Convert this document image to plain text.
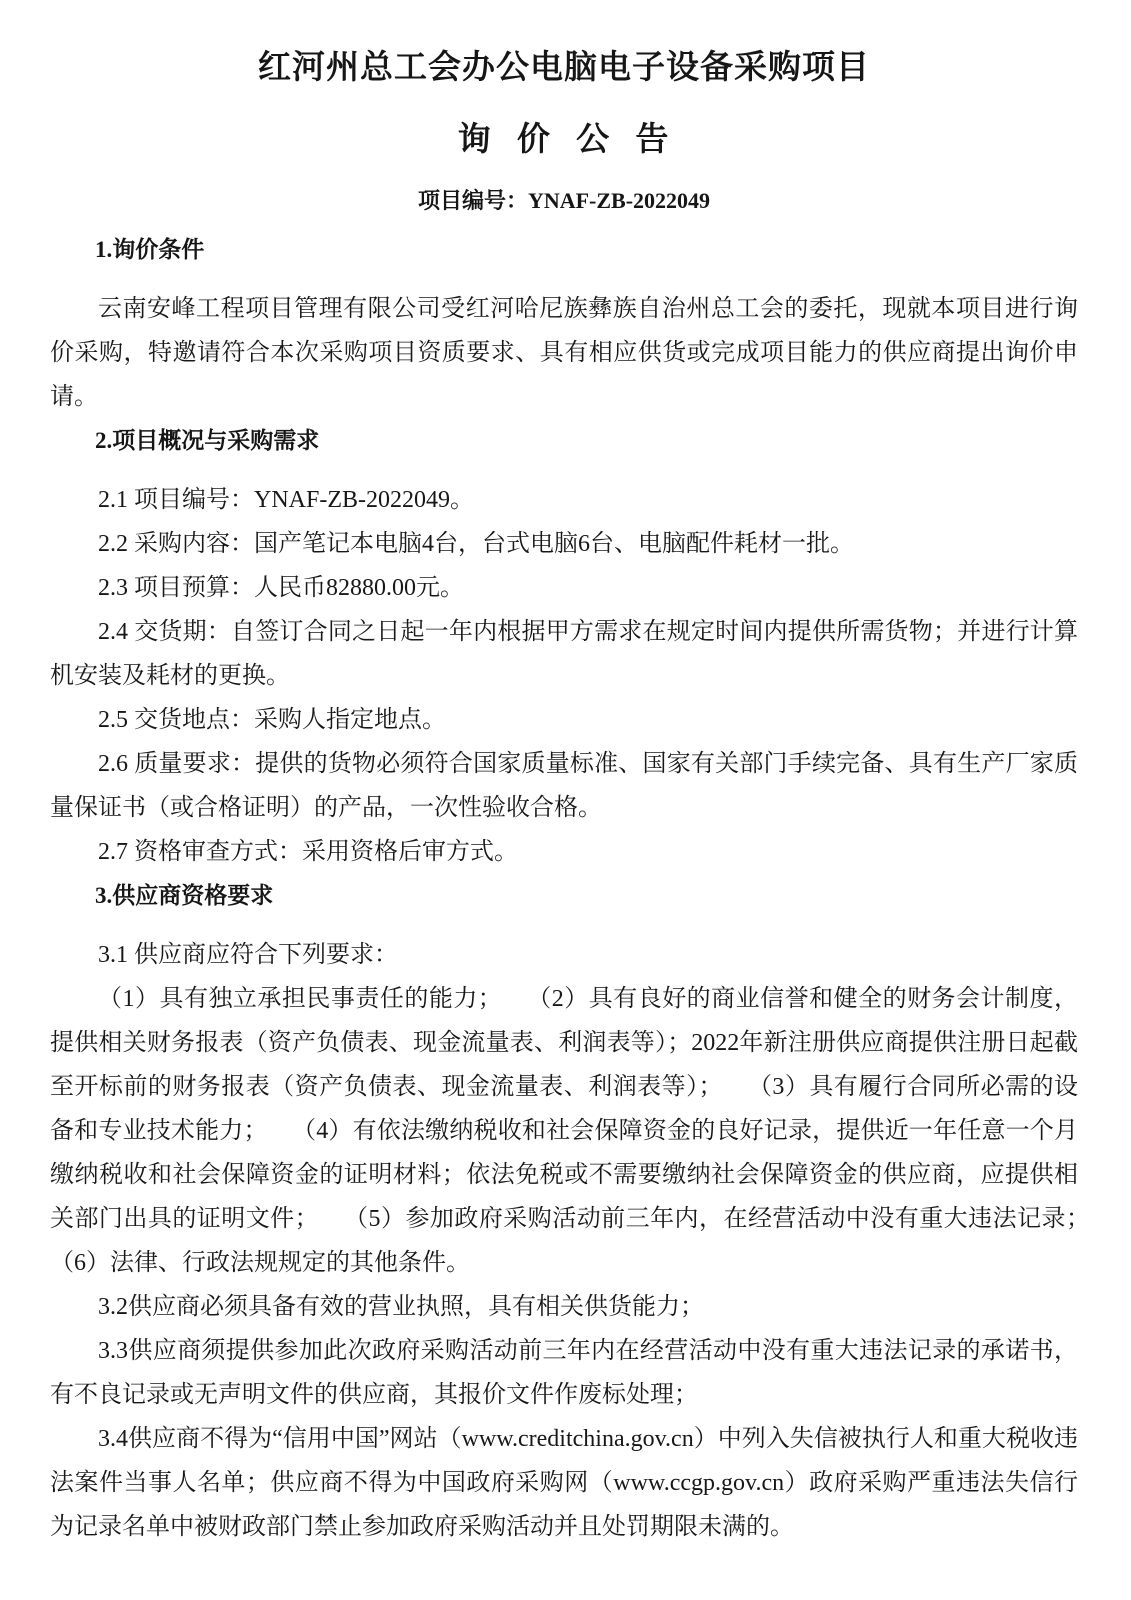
红河州总工会办公电脑电子设备采购项目
询 价 公 告

项目编号：YNAF-ZB-2022049

1.询价条件

云南安峰工程项目管理有限公司受红河哈尼族彝族自治州总工会的委托，现就本项目进行询价采购，特邀请符合本次采购项目资质要求、具有相应供货或完成项目能力的供应商提出询价申请。

2.项目概况与采购需求

2.1 项目编号：YNAF-ZB-2022049。

2.2 采购内容：国产笔记本电脑4台，台式电脑6台、电脑配件耗材一批。

2.3 项目预算：人民币82880.00元。

2.4 交货期：自签订合同之日起一年内根据甲方需求在规定时间内提供所需货物；并进行计算机安装及耗材的更换。

2.5 交货地点：采购人指定地点。

2.6 质量要求：提供的货物必须符合国家质量标准、国家有关部门手续完备、具有生产厂家质量保证书（或合格证明）的产品，一次性验收合格。

2.7 资格审查方式：采用资格后审方式。

3.供应商资格要求

3.1 供应商应符合下列要求：

（1）具有独立承担民事责任的能力；　　（2）具有良好的商业信誉和健全的财务会计制度，提供相关财务报表（资产负债表、现金流量表、利润表等）；2022年新注册供应商提供注册日起截至开标前的财务报表（资产负债表、现金流量表、利润表等）；　　（3）具有履行合同所必需的设备和专业技术能力；　　（4）有依法缴纳税收和社会保障资金的良好记录，提供近一年任意一个月缴纳税收和社会保障资金的证明材料；依法免税或不需要缴纳社会保障资金的供应商，应提供相关部门出具的证明文件；　　（5）参加政府采购活动前三年内，在经营活动中没有重大违法记录；　　（6）法律、行政法规规定的其他条件。

3.2供应商必须具备有效的营业执照，具有相关供货能力；

3.3供应商须提供参加此次政府采购活动前三年内在经营活动中没有重大违法记录的承诺书，有不良记录或无声明文件的供应商，其报价文件作废标处理；

3.4供应商不得为“信用中国”网站（www.creditchina.gov.cn）中列入失信被执行人和重大税收违法案件当事人名单；供应商不得为中国政府采购网（www.ccgp.gov.cn）政府采购严重违法失信行为记录名单中被财政部门禁止参加政府采购活动并且处罚期限未满的。
